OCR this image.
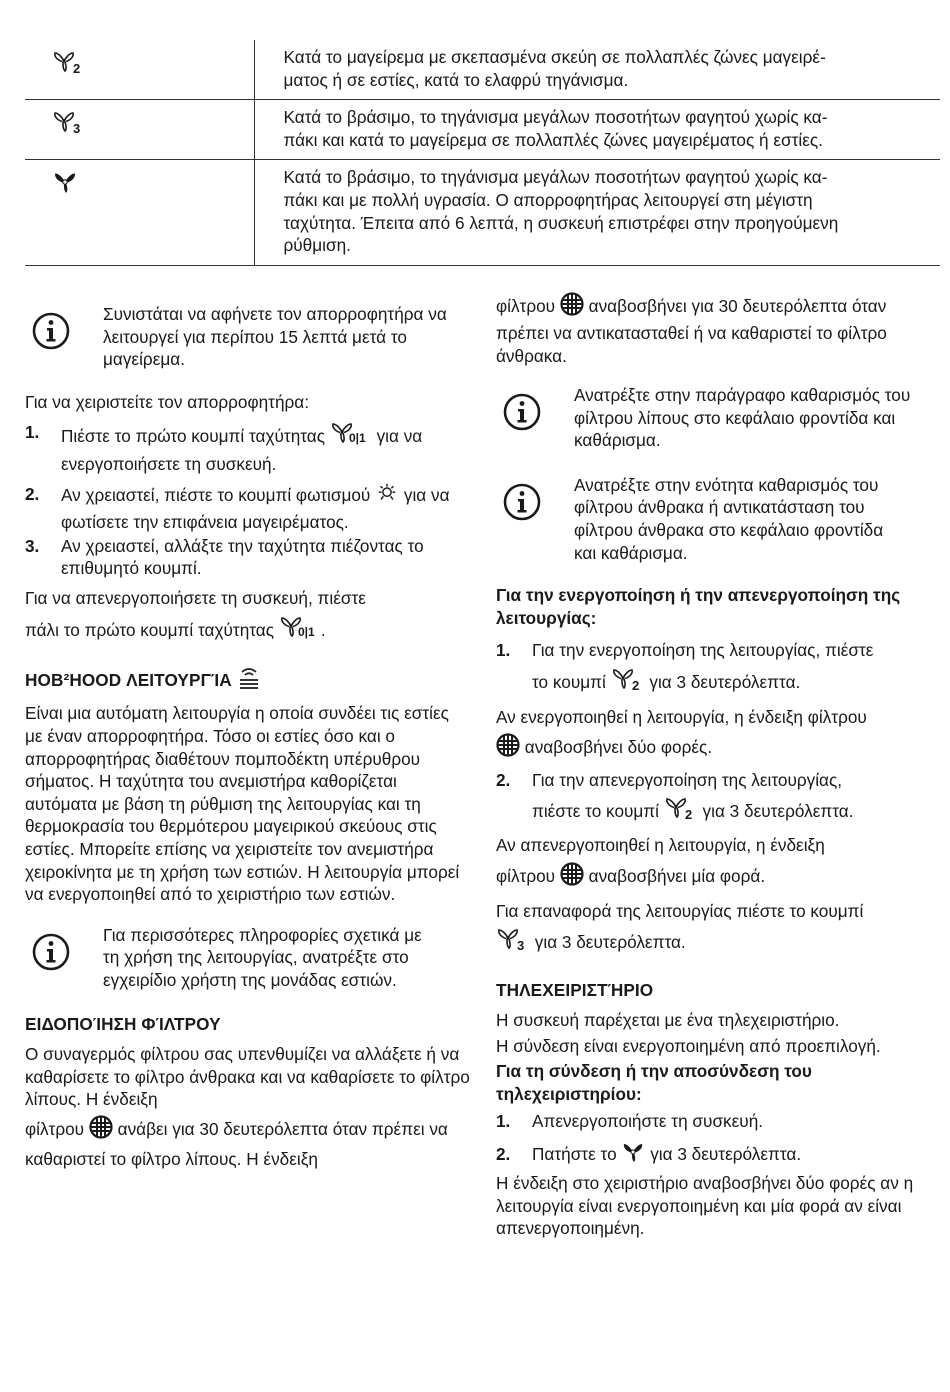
2	Κατά το μαγείρεμα με σκεπασμένα σκεύη σε πολλαπλές ζώνες μαγειρέ-
ματος ή σε εστίες, κατά το ελαφρύ τηγάνισμα.

3	Κατά το βράσιμο, το τηγάνισμα μεγάλων ποσοτήτων φαγητού χωρίς κα-
πάκι και κατά το μαγείρεμα σε πολλαπλές ζώνες μαγειρέματος ή εστίες.

Κατά το βράσιμο, το τηγάνισμα μεγάλων ποσοτήτων φαγητού χωρίς κα-
πάκι και με πολλή υγρασία. Ο απορροφητήρας λειτουργεί στη μέγιστη
ταχύτητα. Έπειτα από 6 λεπτά, η συσκευή επιστρέφει στην προηγούμενη
ρύθμιση.
Συνιστάται να αφήνετε τον απορροφητήρα να λειτουργεί για περίπου 15 λεπτά μετά το μαγείρεμα.

Για να χειριστείτε τον απορροφητήρα:

1. Πιέστε το πρώτο κουμπί ταχύτητας 0|1 για να ενεργοποιήσετε τη συσκευή.
2. Αν χρειαστεί, πιέστε το κουμπί φωτισμού για να φωτίσετε την επιφάνεια μαγειρέματος.
3. Αν χρειαστεί, αλλάξτε την ταχύτητα πιέζοντας το επιθυμητό κουμπί.

Για να απενεργοποιήσετε τη συσκευή, πιέστε
πάλι το πρώτο κουμπί ταχύτητας 0|1 .

HOB²HOOD ΛΕΙΤΟΥΡΓΊΑ

Είναι μια αυτόματη λειτουργία η οποία συνδέει τις εστίες με έναν απορροφητήρα. Τόσο οι εστίες όσο και ο απορροφητήρας διαθέτουν πομποδέκτη υπέρυθρου σήματος. Η ταχύτητα του ανεμιστήρα καθορίζεται αυτόματα με βάση τη ρύθμιση της λειτουργίας και τη θερμοκρασία του θερμότερου μαγειρικού σκεύους στις εστίες. Μπορείτε επίσης να χειριστείτε τον ανεμιστήρα χειροκίνητα με τη χρήση των εστιών. Η λειτουργία μπορεί να ενεργοποιηθεί από το χειριστήριο των εστιών.

Για περισσότερες πληροφορίες σχετικά με τη χρήση της λειτουργίας, ανατρέξτε στο εγχειρίδιο χρήστη της μονάδας εστιών.
ΕΙΔΟΠΟΊΗΣΗ ΦΊΛΤΡΟΥ

Ο συναγερμός φίλτρου σας υπενθυμίζει να αλλάξετε ή να καθαρίσετε το φίλτρο άνθρακα και να καθαρίσετε το φίλτρο λίπους. Η ένδειξη

φίλτρου ανάβει για 30 δευτερόλεπτα όταν πρέπει να καθαριστεί το φίλτρο λίπους. Η ένδειξη

φίλτρου αναβοσβήνει για 30 δευτερόλεπτα όταν πρέπει να αντικατασταθεί ή να καθαριστεί το φίλτρο άνθρακα.

Ανατρέξτε στην παράγραφο καθαρισμός του φίλτρου λίπους στο κεφάλαιο φροντίδα και καθάρισμα.
Ανατρέξτε στην ενότητα καθαρισμός του φίλτρου άνθρακα ή αντικατάσταση του φίλτρου άνθρακα στο κεφάλαιο φροντίδα και καθάρισμα.
Για την ενεργοποίηση ή την απενεργοποίηση της λειτουργίας:
1. Για την ενεργοποίηση της λειτουργίας, πιέστε
το κουμπί 2 για 3 δευτερόλεπτα.

Αν ενεργοποιηθεί η λειτουργία, η ένδειξη φίλτρου
αναβοσβήνει δύο φορές.

2. Για την απενεργοποίηση της λειτουργίας,
πιέστε το κουμπί 2 για 3 δευτερόλεπτα.

Αν απενεργοποιηθεί η λειτουργία, η ένδειξη
φίλτρου αναβοσβήνει μία φορά.

Για επαναφορά της λειτουργίας πιέστε το κουμπί

3 για 3 δευτερόλεπτα.

ΤΗΛΕΧΕΙΡΙΣΤΉΡΙΟ

Η συσκευή παρέχεται με ένα τηλεχειριστήριο.

Η σύνδεση είναι ενεργοποιημένη από προεπιλογή.

Για τη σύνδεση ή την αποσύνδεση του τηλεχειριστηρίου:
1. Απενεργοποιήστε τη συσκευή.
2. Πατήστε το για 3 δευτερόλεπτα.

Η ένδειξη στο χειριστήριο αναβοσβήνει δύο φορές αν η λειτουργία είναι ενεργοποιημένη και μία φορά αν είναι απενεργοποιημένη.
